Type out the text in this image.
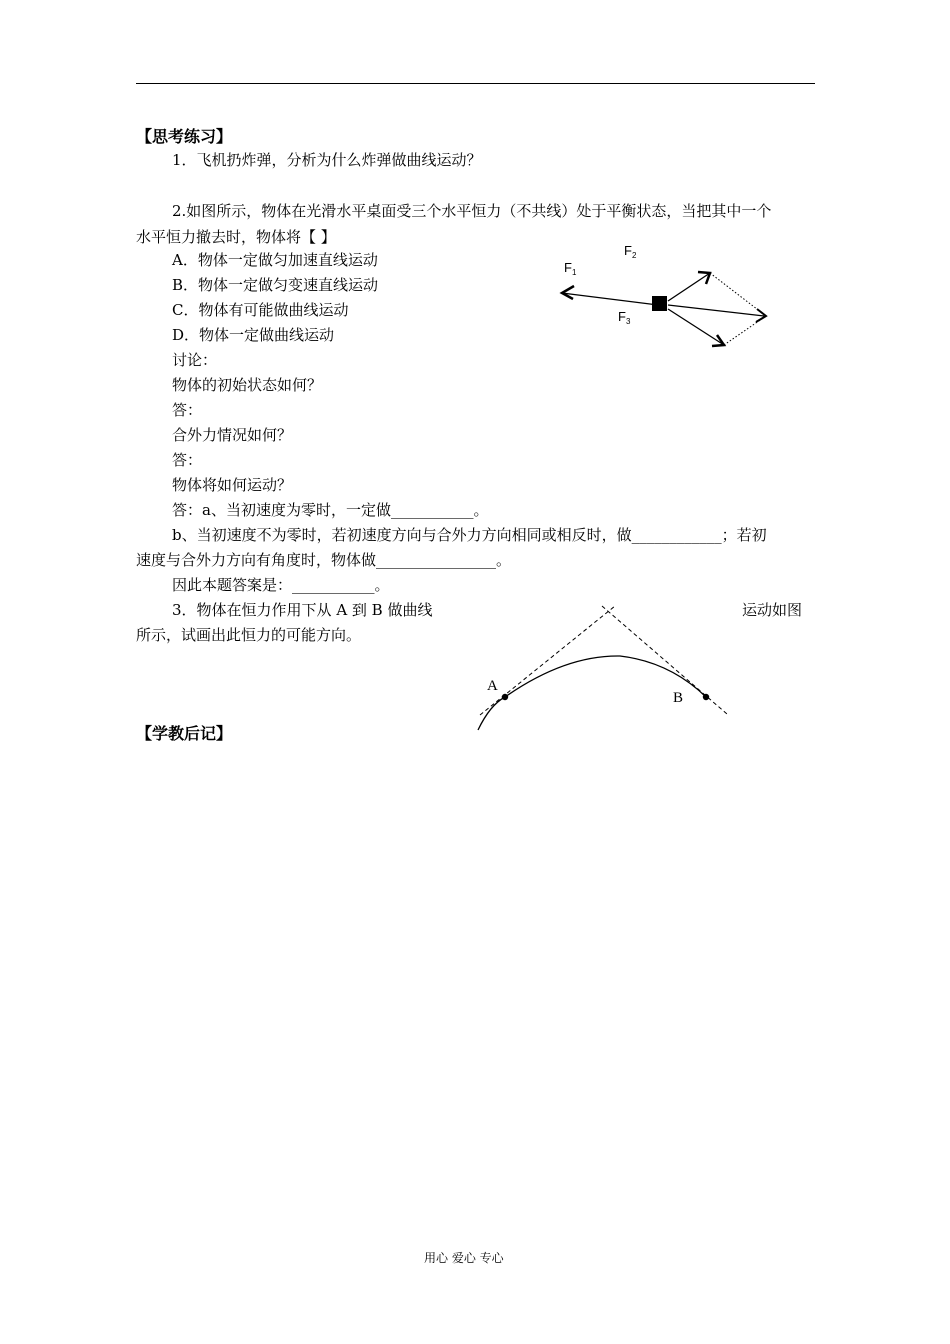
【思考练习】
1．飞机扔炸弹，分析为什么炸弹做曲线运动？
2.如图所示，物体在光滑水平桌面受三个水平恒力（不共线）处于平衡状态，当把其中一个
水平恒力撤去时，物体将【 】
A．物体一定做匀加速直线运动
B．物体一定做匀变速直线运动
C．物体有可能做曲线运动
D．物体一定做曲线运动
讨论：
物体的初始状态如何？
答：
合外力情况如何？
答：
物体将如何运动？
答：a、当初速度为零时，一定做___________。
b、当初速度不为零时，若初速度方向与合外力方向相同或相反时，做____________；若初
速度与合外力方向有角度时，物体做________________。
因此本题答案是：___________。
$F_1$
$F_2$
$F_3$
3．物体在恒力作用下从 A 到 B 做曲线	运动如图
所示，试画出此恒力的可能方向。
A
B
【学教后记】
用心 爱心 专心
